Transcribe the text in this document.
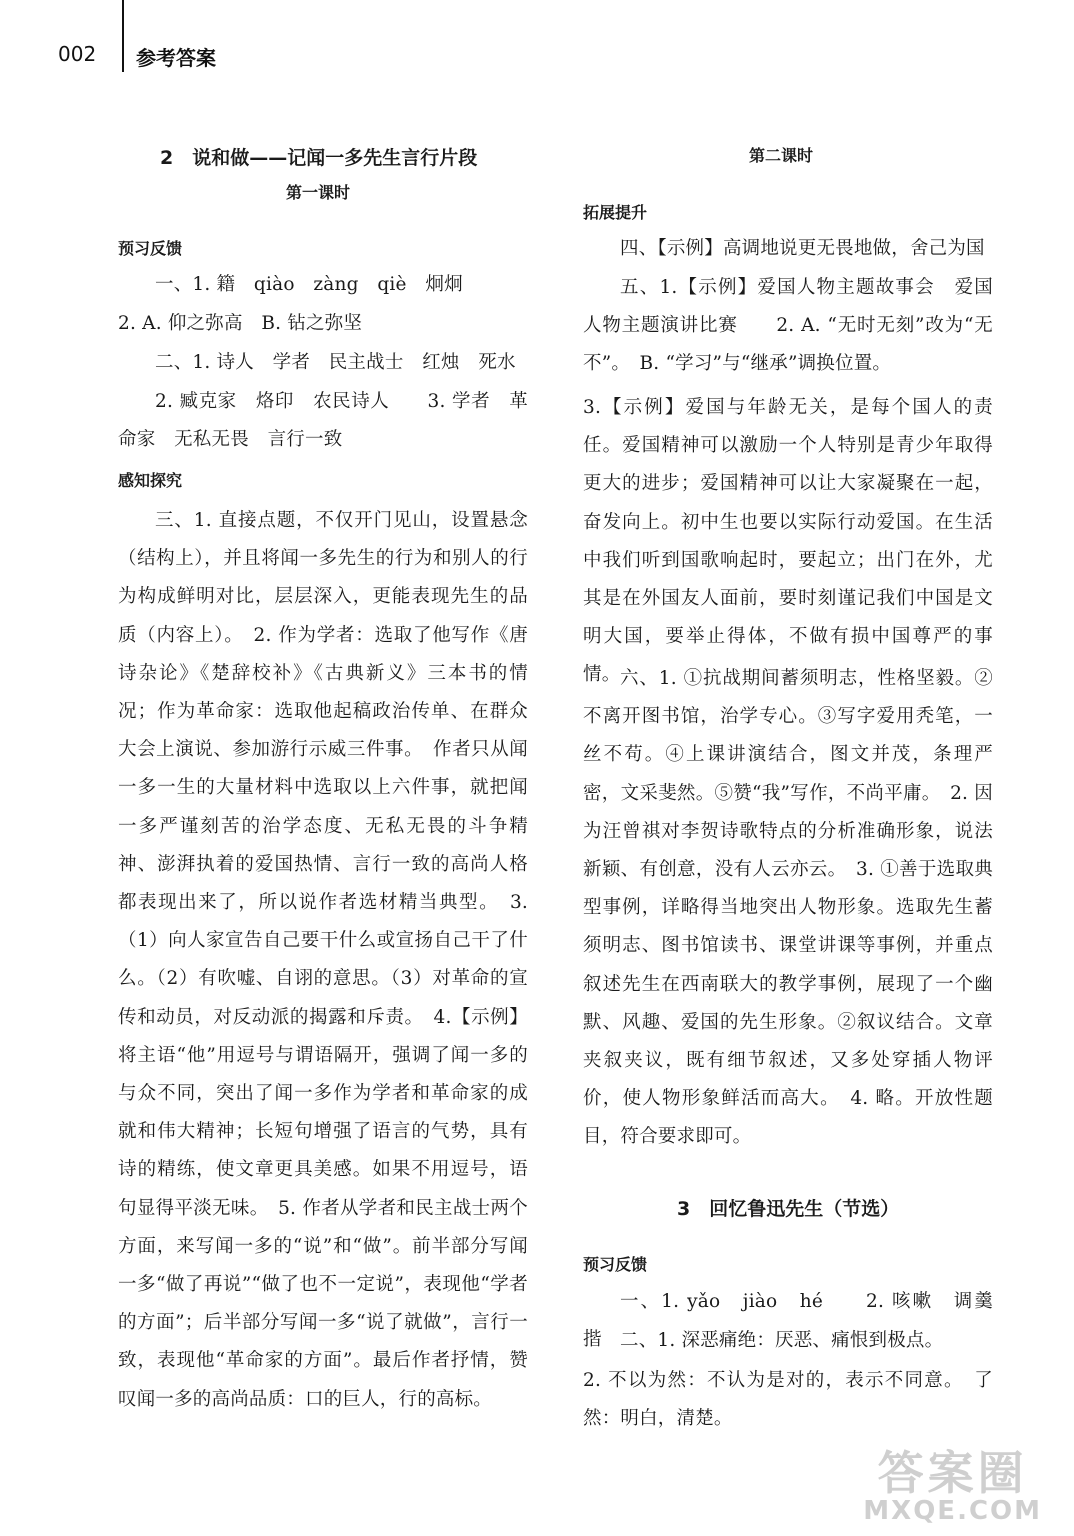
002 参考答案
2　说和做——记闻一多先生言行片段
第一课时
预习反馈
一、1. 籍　qiào　zàng　qiè　炯炯
2. A. 仰之弥高　B. 钻之弥坚
二、1. 诗人　学者　民主战士　红烛　死水
2. 臧克家　烙印　农民诗人　　3. 学者　革命家　无私无畏　言行一致
感知探究
三、1. 直接点题，不仅开门见山，设置悬念（结构上），并且将闻一多先生的行为和别人的行为构成鲜明对比，层层深入，更能表现先生的品质（内容上）。　2. 作为学者：选取了他写作《唐诗杂论》《楚辞校补》《古典新义》三本书的情况；作为革命家：选取他起稿政治传单、在群众大会上演说、参加游行示威三件事。　作者只从闻一多一生的大量材料中选取以上六件事，就把闻一多严谨刻苦的治学态度、无私无畏的斗争精神、澎湃执着的爱国热情、言行一致的高尚人格都表现出来了，所以说作者选材精当典型。　3.（1）向人家宣告自己要干什么或宣扬自己干了什么。（2）有吹嘘、自诩的意思。（3）对革命的宣传和动员，对反动派的揭露和斥责。　4.【示例】将主语“他”用逗号与谓语隔开，强调了闻一多的与众不同，突出了闻一多作为学者和革命家的成就和伟大精神；长短句增强了语言的气势，具有诗的精练，使文章更具美感。如果不用逗号，语句显得平淡无味。　5. 作者从学者和民主战士两个方面，来写闻一多的“说”和“做”。前半部分写闻一多“做了再说”“做了也不一定说”，表现他“学者的方面”；后半部分写闻一多“说了就做”，言行一致，表现他“革命家的方面”。最后作者抒情，赞叹闻一多的高尚品质：口的巨人，行的高标。
第二课时
拓展提升
四、【示例】高调地说更无畏地做，舍己为国
五、1.【示例】爱国人物主题故事会　爱国人物主题演讲比赛　　2. A. “无时无刻”改为“无不”。　B. “学习”与“继承”调换位置。
3.【示例】爱国与年龄无关，是每个国人的责任。爱国精神可以激励一个人特别是青少年取得更大的进步；爱国精神可以让大家凝聚在一起，奋发向上。初中生也要以实际行动爱国。在生活中我们听到国歌响起时，要起立；出门在外，尤其是在外国友人面前，要时刻谨记我们中国是文明大国，要举止得体，不做有损中国尊严的事情。 六、1. ①抗战期间蓄须明志，性格坚毅。②不离开图书馆，治学专心。③写字爱用秃笔，一丝不苟。④上课讲演结合，图文并茂，条理严密，文采斐然。⑤赞“我”写作，不尚平庸。　2. 因为汪曾祺对李贺诗歌特点的分析准确形象，说法新颖、有创意，没有人云亦云。　3. ①善于选取典型事例，详略得当地突出人物形象。选取先生蓄须明志、图书馆读书、课堂讲课等事例，并重点叙述先生在西南联大的教学事例，展现了一个幽默、风趣、爱国的先生形象。②叙议结合。文章夹叙夹议，既有细节叙述，又多处穿插人物评价，使人物形象鲜活而高大。　4. 略。开放性题目，符合要求即可。
3　回忆鲁迅先生（节选）
预习反馈
一、1. yǎo　jiào　hé　　2. 咳嗽　调羹　揩 二、1. 深恶痛绝：厌恶、痛恨到极点。
2. 不以为然：不认为是对的，表示不同意。　了然：明白，清楚。
答案圈
MXQE.COM
